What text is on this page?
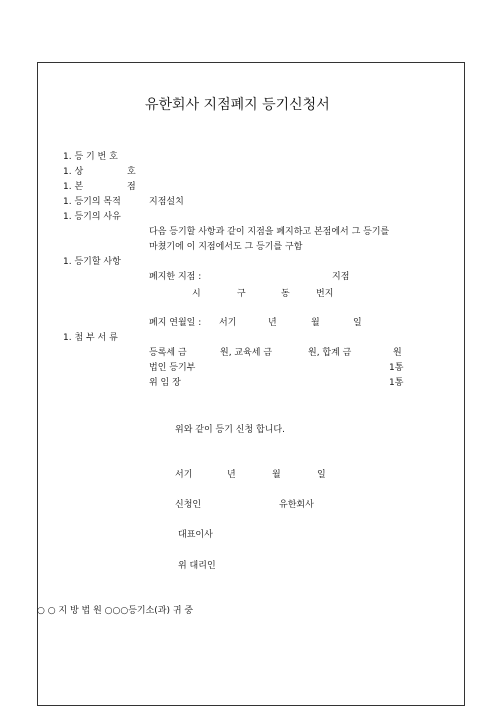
유한회사 지점폐지 등기신청서
1. 등 기 번 호
1. 상	호
1. 본	점
1. 등기의 목적	지점설치
1. 등기의 사유
다음 등기할 사항과 같이 지점을 폐지하고 본점에서 그 등기를
마쳤기에 이 지점에서도 그 등기를 구함
1. 등기할 사항
폐지한 지점 :	지점
시	구	동	번지
폐지 연월일 : 서기	년	월	일
1. 첨 부 서 류
등록세 금	원, 교육세 금	원, 합계 금	원
법인 등기부	1통
위 임 장	1통
위와 같이 등기 신청 합니다.
서기	년	월	일
신청인	유한회사
대표이사
위 대리인
○ ○ 지 방 법 원 ○○○등기소(과) 귀 중
